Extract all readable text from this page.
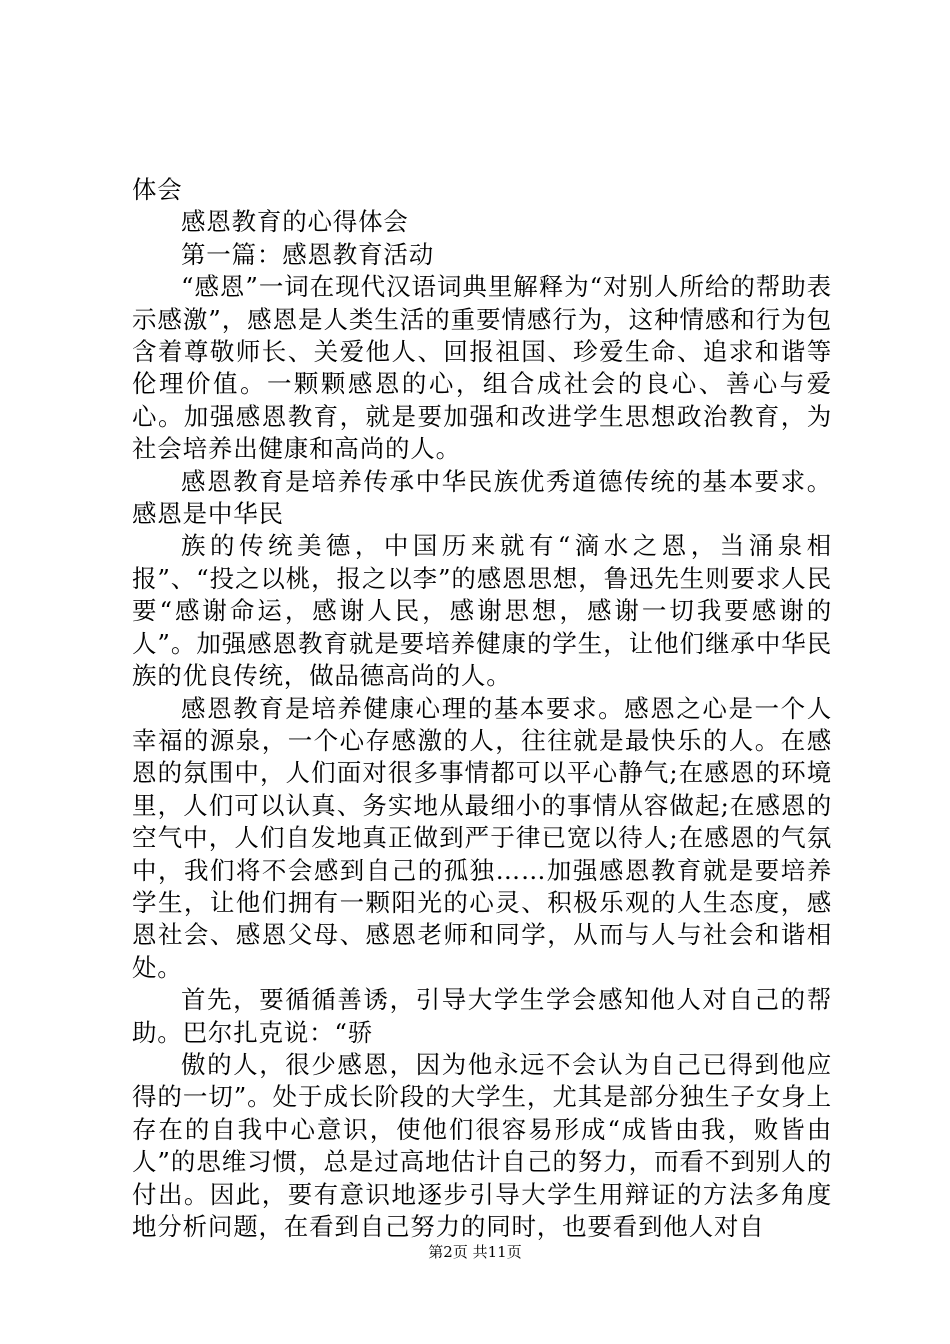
体会

感恩教育的心得体会

第一篇：感恩教育活动

“感恩”一词在现代汉语词典里解释为“对别人所给的帮助表示感激”，感恩是人类生活的重要情感行为，这种情感和行为包含着尊敬师长、关爱他人、回报祖国、珍爱生命、追求和谐等伦理价值。一颗颗感恩的心，组合成社会的良心、善心与爱心。加强感恩教育，就是要加强和改进学生思想政治教育，为社会培养出健康和高尚的人。

感恩教育是培养传承中华民族优秀道德传统的基本要求。感恩是中华民

族的传统美德，中国历来就有“滴水之恩，当涌泉相报”、“投之以桃，报之以李”的感恩思想，鲁迅先生则要求人民要“感谢命运，感谢人民，感谢思想，感谢一切我要感谢的人”。加强感恩教育就是要培养健康的学生，让他们继承中华民族的优良传统，做品德高尚的人。

感恩教育是培养健康心理的基本要求。感恩之心是一个人幸福的源泉，一个心存感激的人，往往就是最快乐的人。在感恩的氛围中，人们面对很多事情都可以平心静气;在感恩的环境里，人们可以认真、务实地从最细小的事情从容做起;在感恩的空气中，人们自发地真正做到严于律已宽以待人;在感恩的气氛中，我们将不会感到自己的孤独……加强感恩教育就是要培养学生，让他们拥有一颗阳光的心灵、积极乐观的人生态度，感恩社会、感恩父母、感恩老师和同学，从而与人与社会和谐相处。

首先，要循循善诱，引导大学生学会感知他人对自己的帮助。巴尔扎克说：“骄

傲的人，很少感恩，因为他永远不会认为自己已得到他应得的一切”。处于成长阶段的大学生，尤其是部分独生子女身上存在的自我中心意识，使他们很容易形成“成皆由我，败皆由人”的思维习惯，总是过高地估计自己的努力，而看不到别人的付出。因此，要有意识地逐步引导大学生用辩证的方法多角度地分析问题，在看到自己努力的同时，也要看到他人对自

第2页 共11页
